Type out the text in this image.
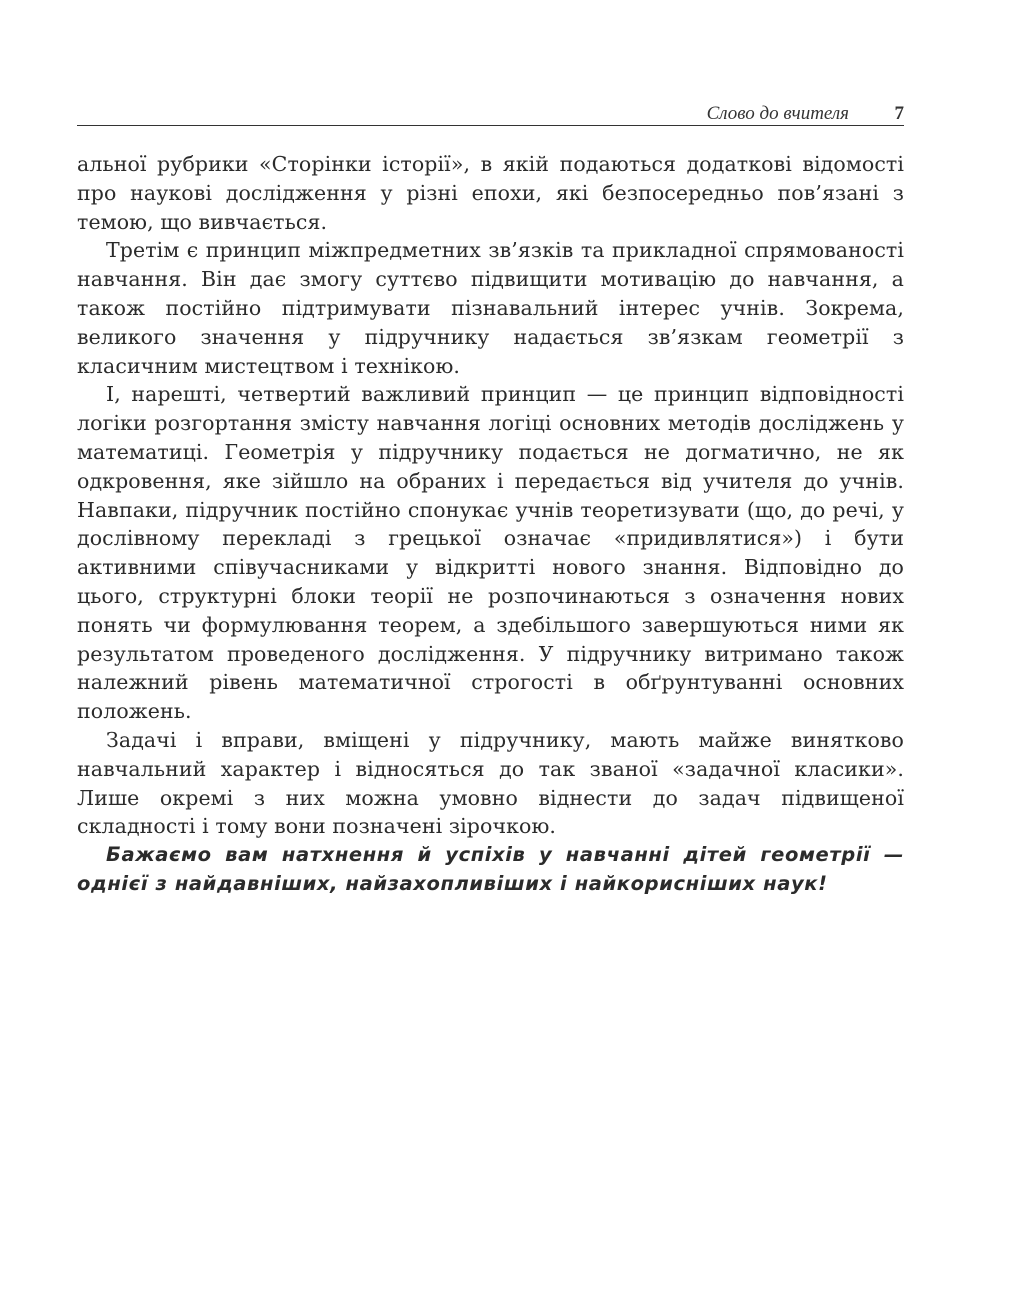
Слово до вчителя 7

альної рубрики «Сторінки історії», в якій подаються додаткові відомості про наукові дослідження у різні епохи, які безпосередньо пов’язані з темою, що вивчається.

Третім є принцип міжпредметних зв’язків та прикладної спрямованості навчання. Він дає змогу суттєво підвищити мотивацію до навчання, а також постійно підтримувати пізнавальний інтерес учнів. Зокрема, великого значення у підручнику надається зв’язкам геометрії з класичним мистецтвом і технікою.

І, нарешті, четвертий важливий принцип — це принцип відповідності логіки розгортання змісту навчання логіці основних методів досліджень у математиці. Геометрія у підручнику подається не догматично, не як одкровення, яке зійшло на обраних і передається від учителя до учнів. Навпаки, підручник постійно спонукає учнів теоретизувати (що, до речі, у дослівному перекладі з грецької означає «придивлятися») і бути активними співучасниками у відкритті нового знання. Відповідно до цього, структурні блоки теорії не розпочинаються з означення нових понять чи формулювання теорем, а здебільшого завершуються ними як результатом проведеного дослідження. У підручнику витримано також належний рівень математичної строгості в обґрунтуванні основних положень.

Задачі і вправи, вміщені у підручнику, мають майже винятково навчальний характер і відносяться до так званої «задачної класики». Лише окремі з них можна умовно віднести до задач підвищеної складності і тому вони позначені зірочкою.

Бажаємо вам натхнення й успіхів у навчанні дітей геометрії — однієї з найдавніших, найзахопливіших і найкорисніших наук!
